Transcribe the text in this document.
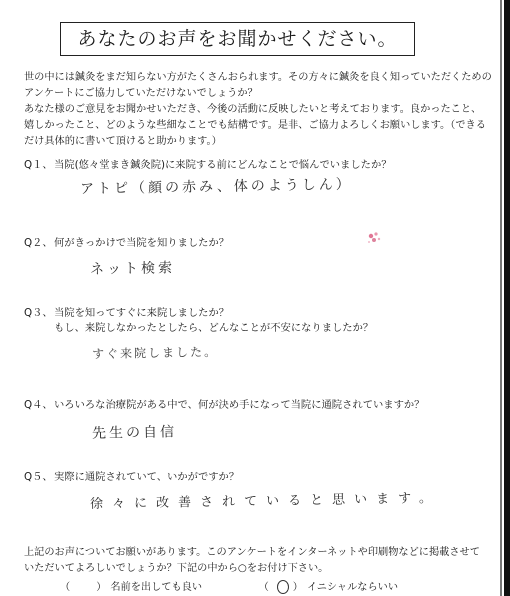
あなたのお声をお聞かせください。
世の中には鍼灸をまだ知らない方がたくさんおられます。その方々に鍼灸を良く知っていただくための
アンケートにご協力していただけないでしょうか？
あなた様のご意見をお聞かせいただき、今後の活動に反映したいと考えております。良かったこと、
嬉しかったこと、どのような些細なことでも結構です。是非、ご協力よろしくお願いします。（できる
だけ具体的に書いて頂けると助かります。）
Q１、当院(悠々堂まき鍼灸院)に来院する前にどんなことで悩んでいましたか？
アトピ（顔の赤み、体のようしん）
Q２、何がきっかけで当院を知りましたか？
ネット検索
Q３、当院を知ってすぐに来院しましたか？
もし、来院しなかったとしたら、どんなことが不安になりましたか？
すぐ来院しました。
Q４、いろいろな治療院がある中で、何が決め手になって当院に通院されていますか？
先生の自信
Q５、実際に通院されていて、いかがですか？
徐々に改善されていると思います。
上記のお声についてお願いがあります。このアンケートをインターネットや印刷物などに掲載させて
いただいてよろしいでしょうか？下記の中から○をお付け下さい。
（	） 名前を出しても良い	（ ） イニシャルならいい
